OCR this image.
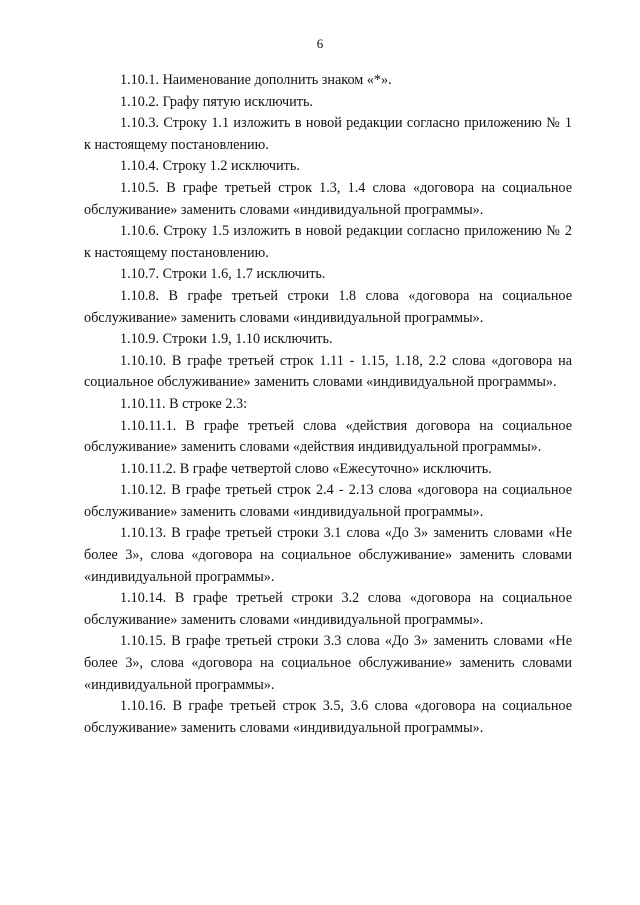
6

1.10.1. Наименование дополнить знаком «*».

1.10.2. Графу пятую исключить.

1.10.3. Строку 1.1 изложить в новой редакции согласно приложению № 1 к настоящему постановлению.

1.10.4. Строку 1.2 исключить.

1.10.5. В графе третьей строк 1.3, 1.4 слова «договора на социальное обслуживание» заменить словами «индивидуальной программы».

1.10.6. Строку 1.5 изложить в новой редакции согласно приложению № 2 к настоящему постановлению.

1.10.7. Строки 1.6, 1.7 исключить.

1.10.8. В графе третьей строки 1.8 слова «договора на социальное обслуживание» заменить словами «индивидуальной программы».

1.10.9. Строки 1.9, 1.10 исключить.

1.10.10. В графе третьей строк 1.11 - 1.15, 1.18, 2.2 слова «договора на социальное обслуживание» заменить словами «индивидуальной программы».

1.10.11. В строке 2.3:

1.10.11.1. В графе третьей слова «действия договора на социальное обслуживание» заменить словами «действия индивидуальной программы».

1.10.11.2. В графе четвертой слово «Ежесуточно» исключить.

1.10.12. В графе третьей строк 2.4 - 2.13 слова «договора на социальное обслуживание» заменить словами «индивидуальной программы».

1.10.13. В графе третьей строки 3.1 слова «До 3» заменить словами «Не более 3», слова «договора на социальное обслуживание» заменить словами «индивидуальной программы».

1.10.14. В графе третьей строки 3.2 слова «договора на социальное обслуживание» заменить словами «индивидуальной программы».

1.10.15. В графе третьей строки 3.3 слова «До 3» заменить словами «Не более 3», слова «договора на социальное обслуживание» заменить словами «индивидуальной программы».

1.10.16. В графе третьей строк 3.5, 3.6 слова «договора на социальное обслуживание» заменить словами «индивидуальной программы».
